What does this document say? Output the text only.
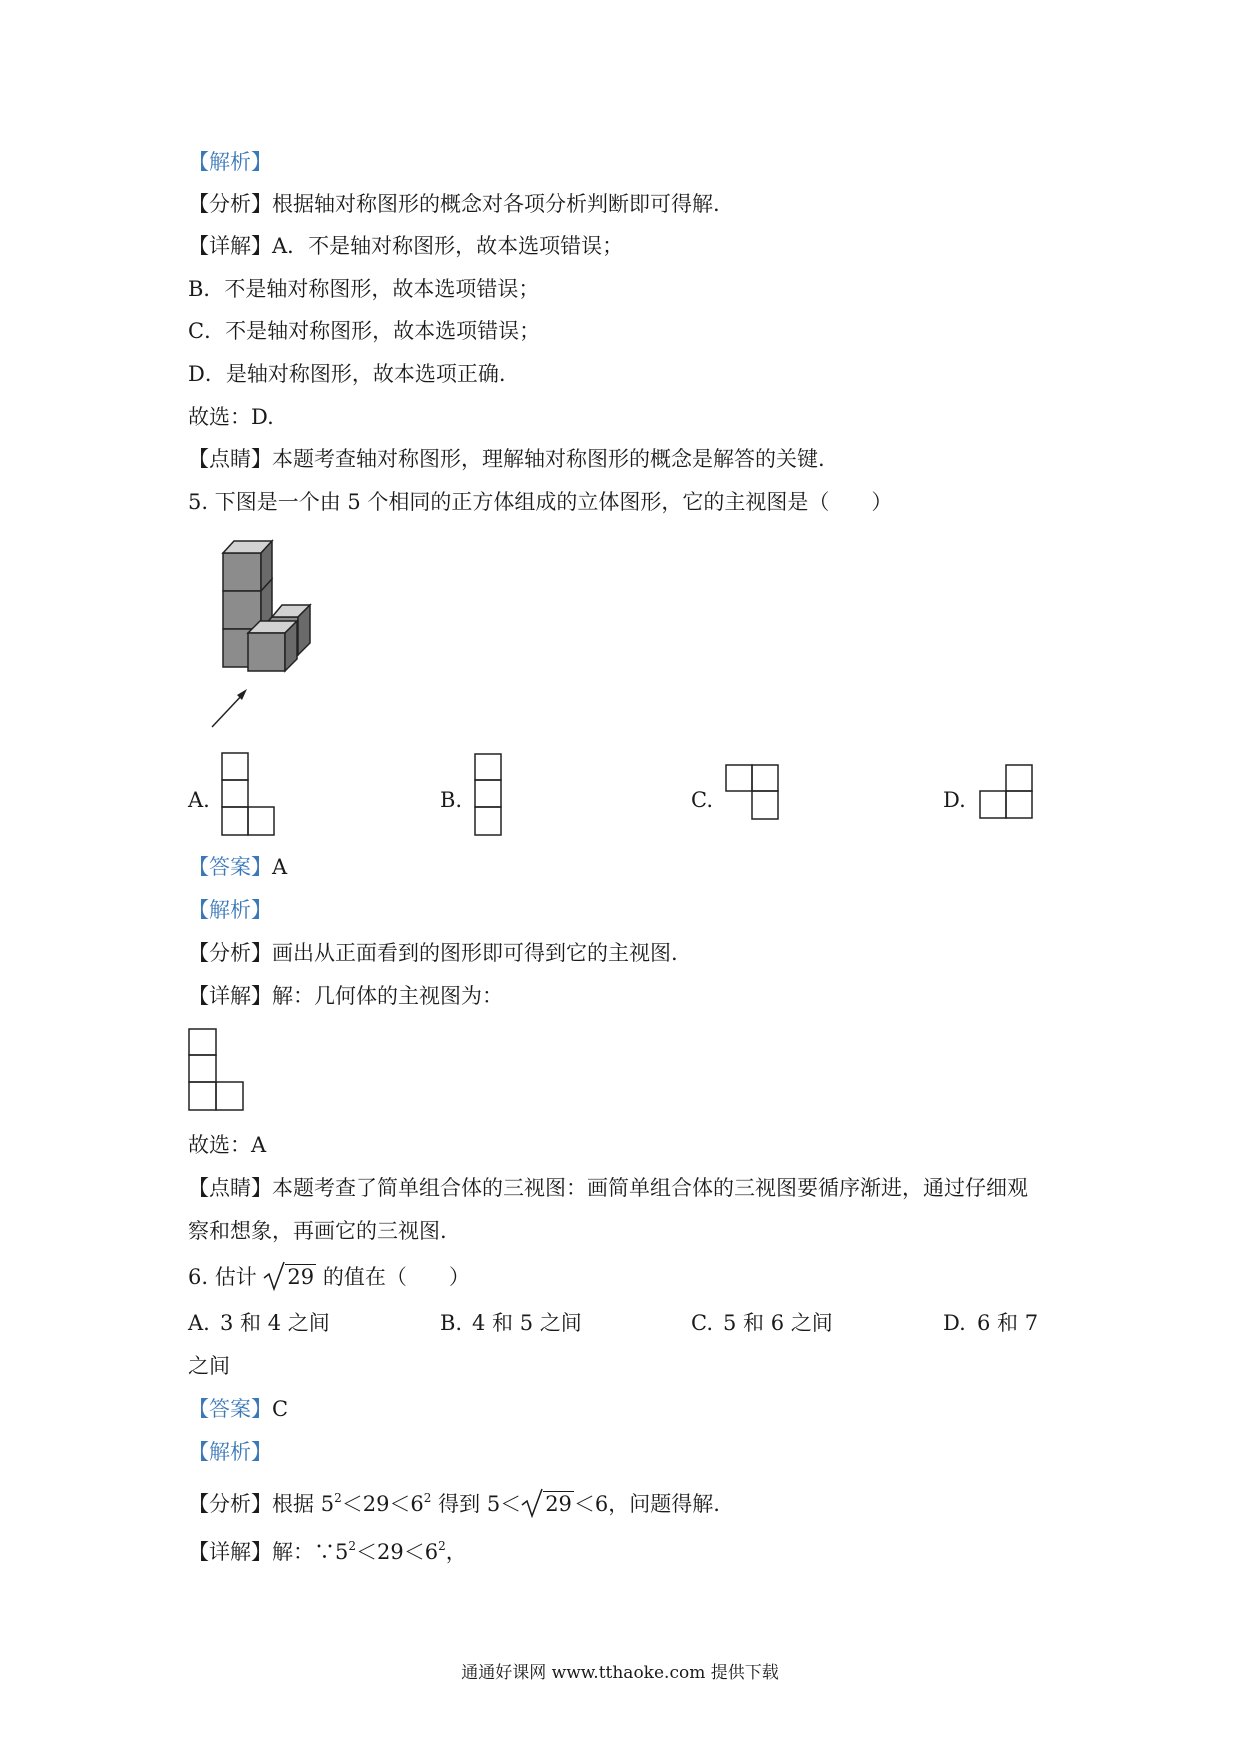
【解析】
【分析】根据轴对称图形的概念对各项分析判断即可得解.
【详解】A．不是轴对称图形，故本选项错误；
B．不是轴对称图形，故本选项错误；
C．不是轴对称图形，故本选项错误；
D．是轴对称图形，故本选项正确.
故选：D.
【点睛】本题考查轴对称图形，理解轴对称图形的概念是解答的关键.
5. 下图是一个由 5 个相同的正方体组成的立体图形，它的主视图是（　　）
A.	B.	C.	D.
【答案】A
【解析】
【分析】画出从正面看到的图形即可得到它的主视图.
【详解】解：几何体的主视图为：
故选：A
【点睛】本题考查了简单组合体的三视图：画简单组合体的三视图要循序渐进，通过仔细观
察和想象，再画它的三视图.
6. 估计 29 的值在（　　）
A. 3 和 4 之间	B. 4 和 5 之间	C. 5 和 6 之间	D. 6 和 7
之间
【答案】C
【解析】
【分析】根据 $5^2<29<6^2$ 得到 5＜ 29＜6，问题得解.
【详解】解：$\because 5^2<29<6^2$，
通通好课网 www.tthaoke.com 提供下载
